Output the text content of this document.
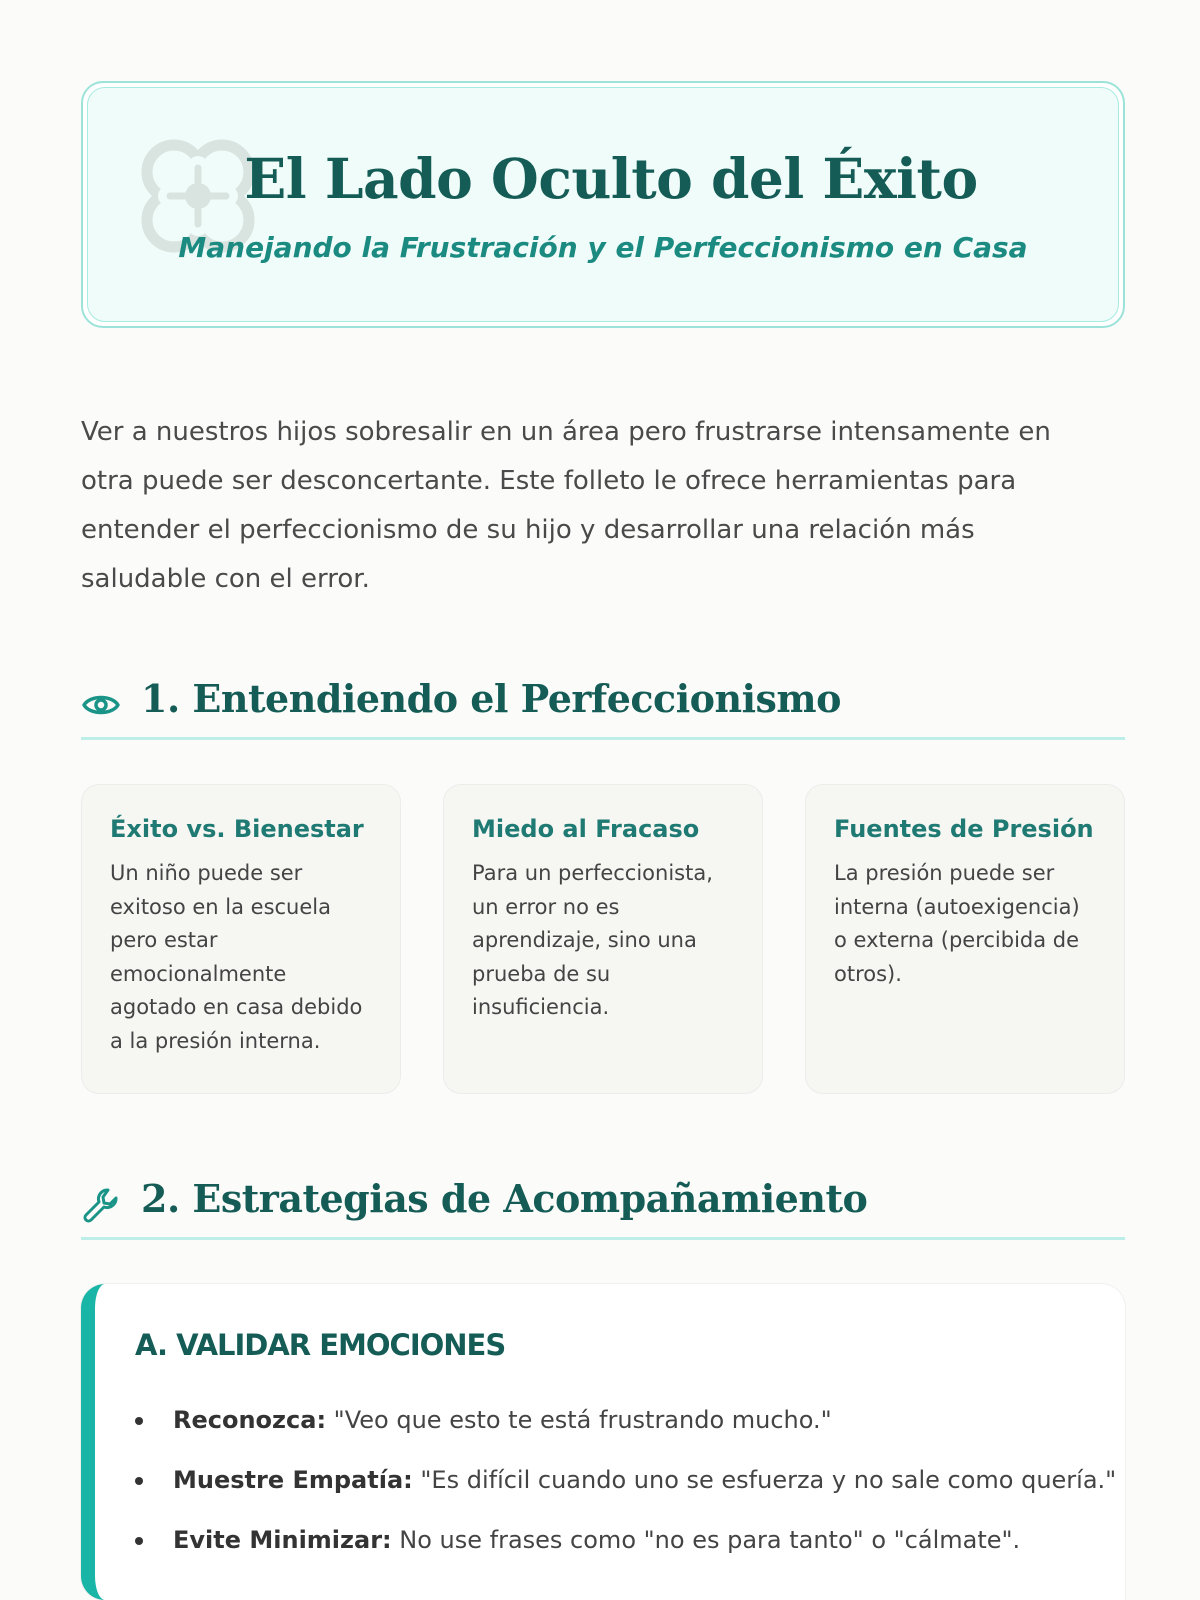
El Lado Oculto del Éxito
Manejando la Frustración y el Perfeccionismo en Casa

Ver a nuestros hijos sobresalir en un área pero frustrarse intensamente en otra puede ser desconcertante. Este folleto le ofrece herramientas para entender el perfeccionismo de su hijo y desarrollar una relación más saludable con el error.

1. Entendiendo el Perfeccionismo
Éxito vs. Bienestar

Un niño puede ser exitoso en la escuela pero estar emocionalmente agotado en casa debido a la presión interna.

Miedo al Fracaso

Para un perfeccionista, un error no es aprendizaje, sino una prueba de su insuficiencia.

Fuentes de Presión

La presión puede ser interna (autoexigencia) o externa (percibida de otros).

2. Estrategias de Acompañamiento
A. VALIDAR EMOCIONES
Reconozca: "Veo que esto te está frustrando mucho."
Muestre Empatía: "Es difícil cuando uno se esfuerza y no sale como quería."
Evite Minimizar: No use frases como "no es para tanto" o "cálmate".
